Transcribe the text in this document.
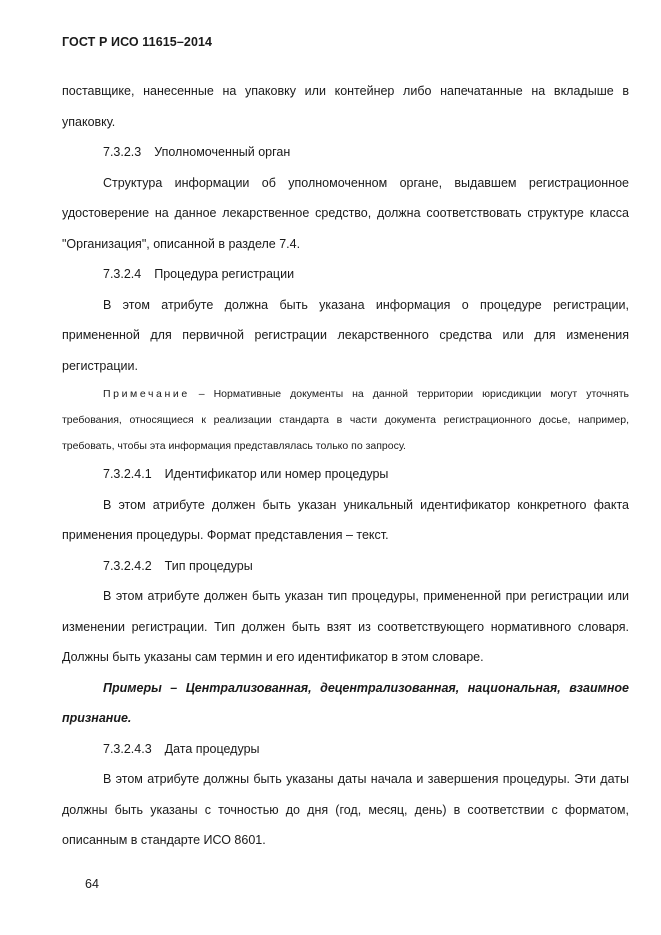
ГОСТ Р ИСО 11615–2014

поставщике, нанесенные на упаковку или контейнер либо напечатанные на вкладыше в упаковку.

7.3.2.3 Уполномоченный орган

Структура информации об уполномоченном органе, выдавшем регистрационное удостоверение на данное лекарственное средство, должна соответствовать структуре класса "Организация", описанной в разделе 7.4.

7.3.2.4 Процедура регистрации

В этом атрибуте должна быть указана информация о процедуре регистрации, примененной для первичной регистрации лекарственного средства или для изменения регистрации.

Примечание – Нормативные документы на данной территории юрисдикции могут уточнять требования, относящиеся к реализации стандарта в части документа регистрационного досье, например, требовать, чтобы эта информация представлялась только по запросу.

7.3.2.4.1 Идентификатор или номер процедуры

В этом атрибуте должен быть указан уникальный идентификатор конкретного факта применения процедуры. Формат представления – текст.

7.3.2.4.2 Тип процедуры

В этом атрибуте должен быть указан тип процедуры, примененной при регистрации или изменении регистрации. Тип должен быть взят из соответствующего нормативного словаря. Должны быть указаны сам термин и его идентификатор в этом словаре.

Примеры – Централизованная, децентрализованная, национальная, взаимное признание.

7.3.2.4.3 Дата процедуры

В этом атрибуте должны быть указаны даты начала и завершения процедуры. Эти даты должны быть указаны с точностью до дня (год, месяц, день) в соответствии с форматом, описанным в стандарте ИСО 8601.

64
